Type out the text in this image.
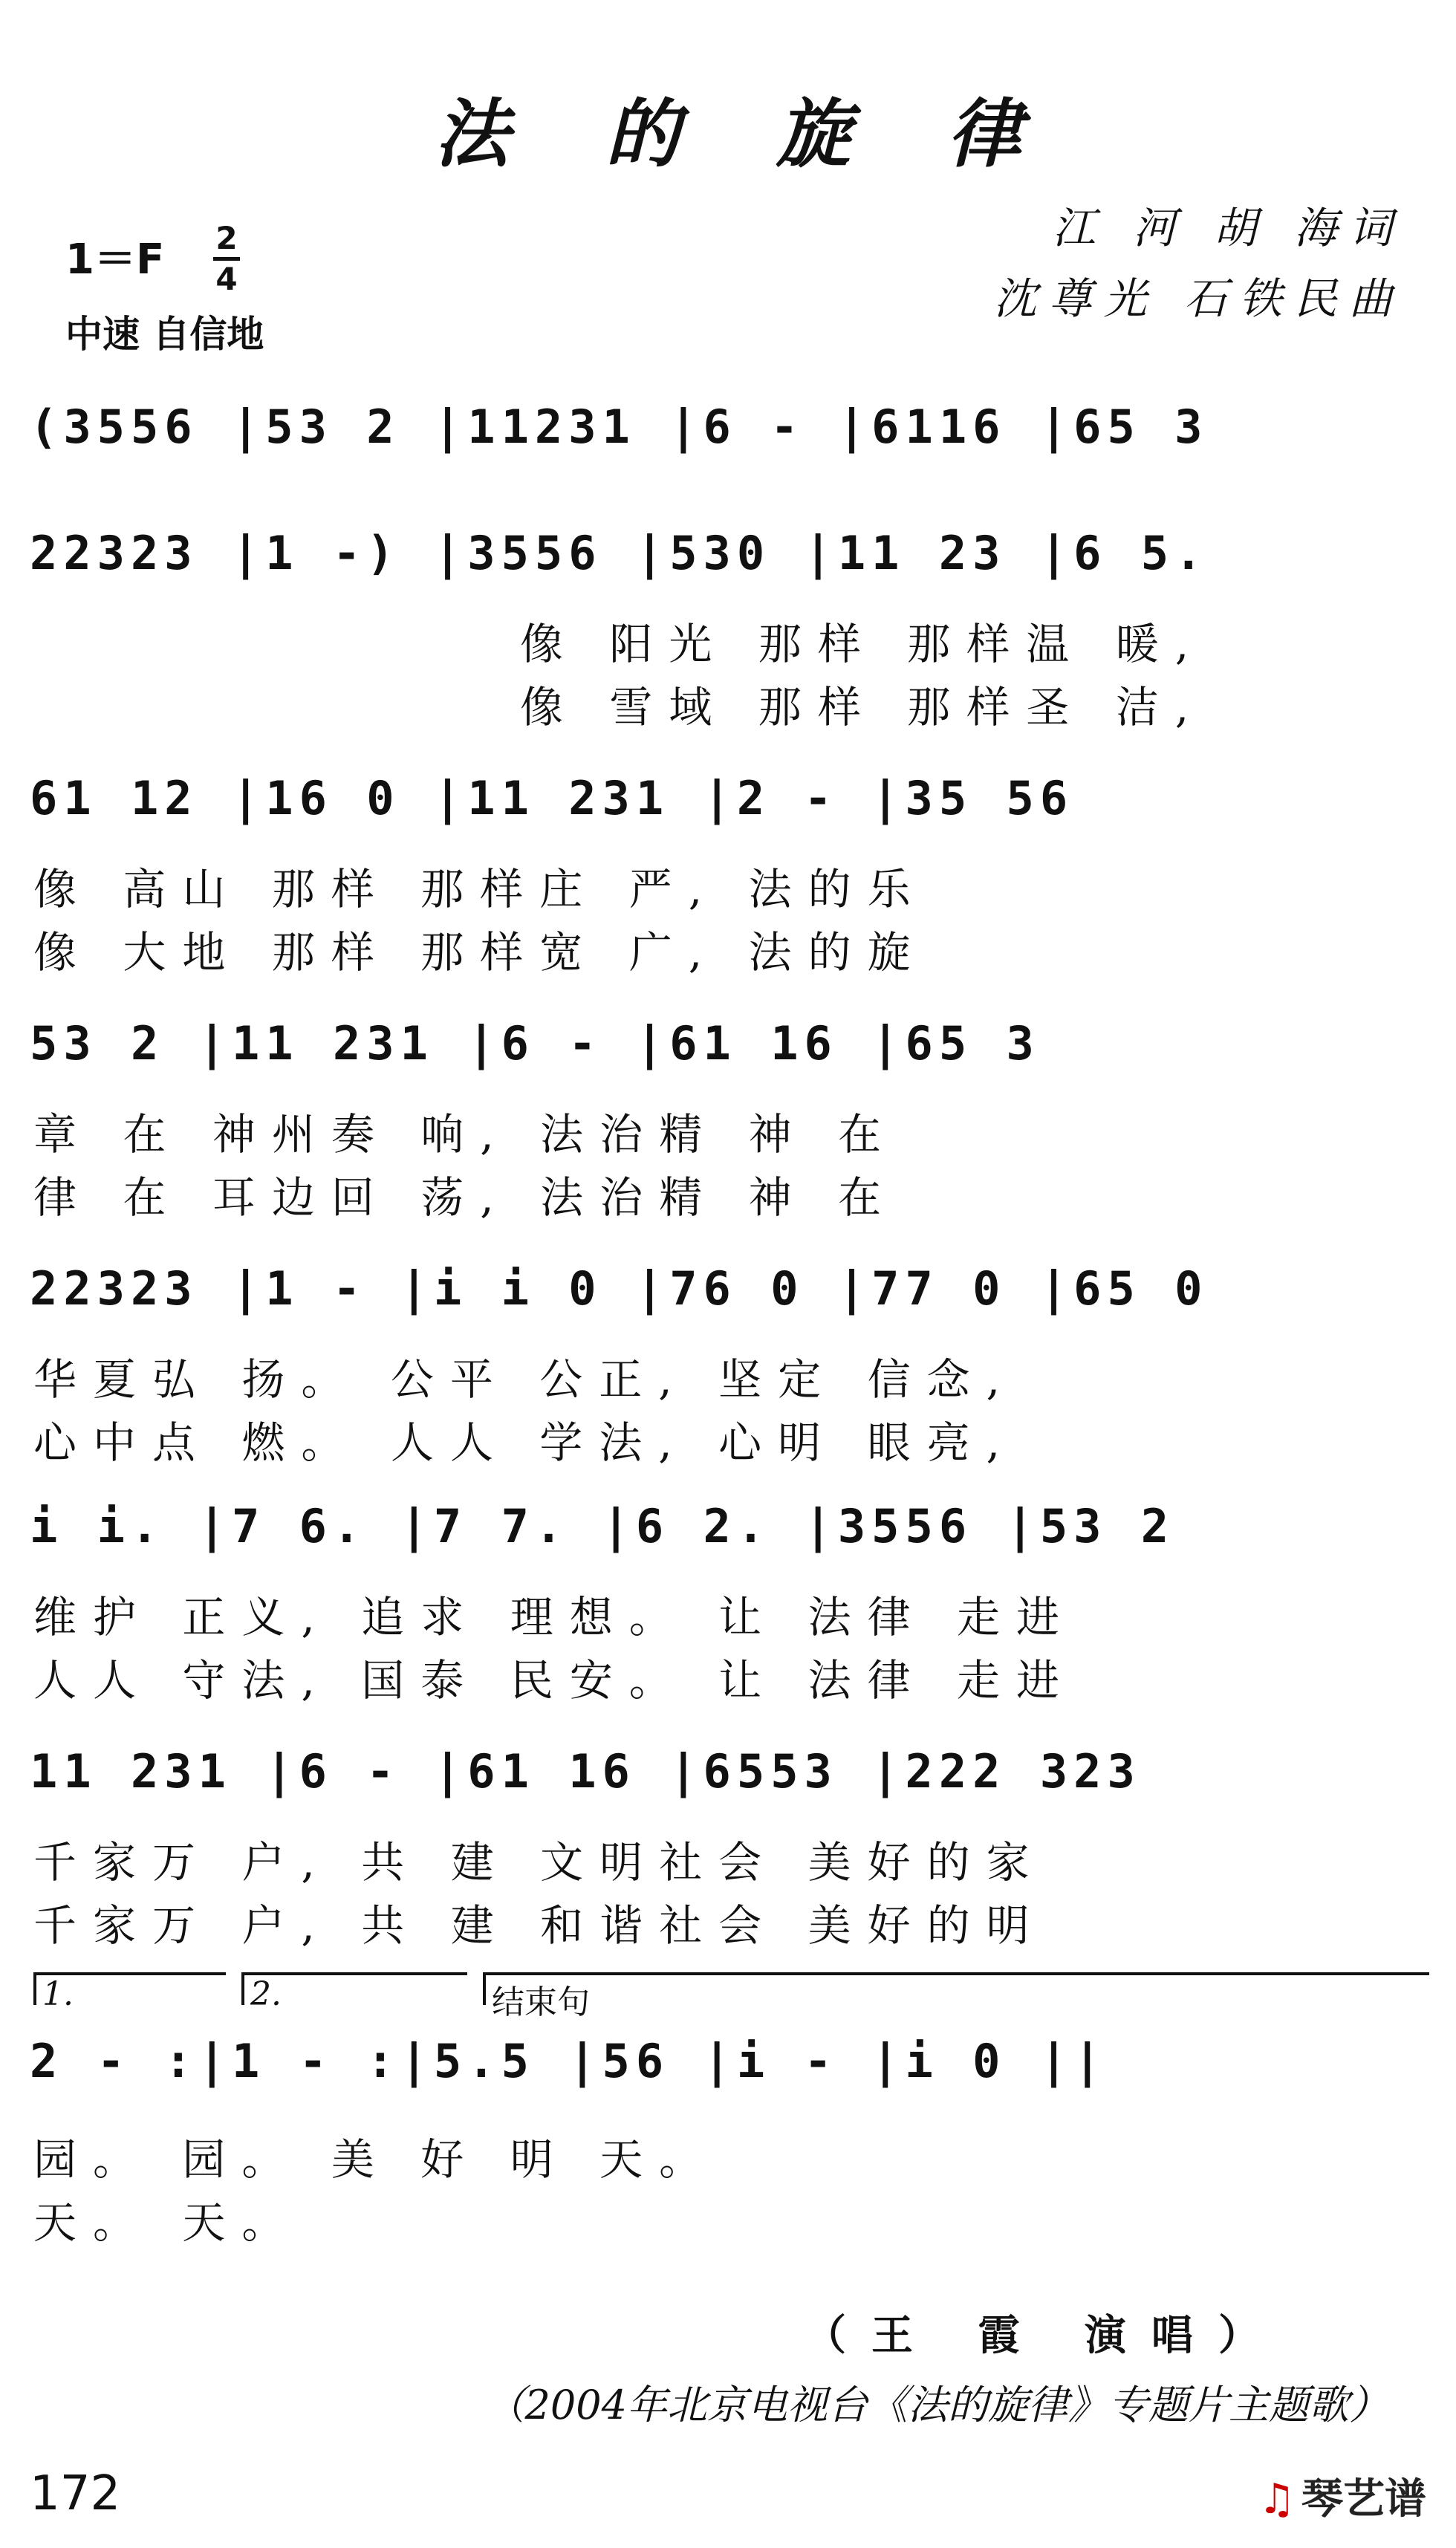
法的旋律
江 河 胡 海词
沈尊光 石铁民曲
1＝F 2
4
中速 自信地
(3556 |53 2 |11231 |6 - |6116 |65 3
22323 |1 -) |3556 |530 |11 23 |6 5.
像 阳光 那样 那样温 暖,
像 雪域 那样 那样圣 洁,
61 12 |16 0 |11 231 |2 - |35 56
像 高山 那样 那样庄 严, 法的乐
像 大地 那样 那样宽 广, 法的旋
53 2 |11 231 |6 - |61 16 |65 3
章 在 神州奏 响, 法治精 神 在
律 在 耳边回 荡, 法治精 神 在
22323 |1 - |i i 0 |76 0 |77 0 |65 0
华夏弘 扬。 公平 公正, 坚定 信念,
心中点 燃。 人人 学法, 心明 眼亮,
i i. |7 6. |7 7. |6 2. |3556 |53 2
维护 正义, 追求 理想。 让 法律 走进
人人 守法, 国泰 民安。 让 法律 走进
11 231 |6 - |61 16 |6553 |222 323
千家万 户, 共 建 文明社会 美好的家
千家万 户, 共 建 和谐社会 美好的明
1.	2.	结束句
2 - :|1 - :|5.5 |56 |i - |i 0 ||
园。 园。 美 好 明 天。
天。 天。
（王 霞 演唱）
（2004年北京电视台《法的旋律》专题片主题歌）
172	♫ 琴艺谱
